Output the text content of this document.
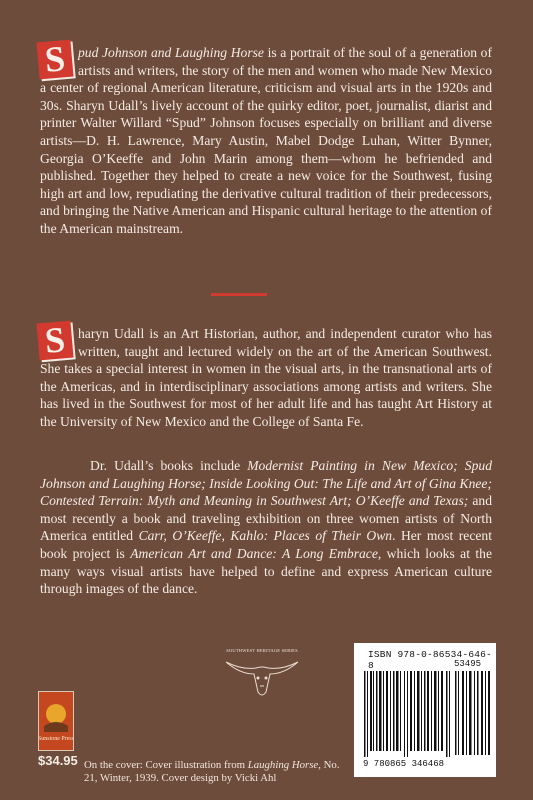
S pud Johnson and Laughing Horse is a portrait of the soul of a generation of artists and writers, the story of the men and women who made New Mexico a center of regional American literature, criticism and visual arts in the 1920s and 30s. Sharyn Udall’s lively account of the quirky editor, poet, journalist, diarist and printer Walter Willard “Spud” Johnson focuses especially on brilliant and diverse artists—D. H. Lawrence, Mary Austin, Mabel Dodge Luhan, Witter Bynner, Georgia O’Keeffe and John Marin among them—whom he befriended and published. Together they helped to create a new voice for the Southwest, fusing high art and low, repudiating the derivative cultural tradition of their predecessors, and bringing the Native American and Hispanic cultural heritage to the attention of the American mainstream.
S haryn Udall is an Art Historian, author, and independent curator who has written, taught and lectured widely on the art of the American Southwest. She takes a special interest in women in the visual arts, in the transnational arts of the Americas, and in interdisciplinary associations among artists and writers. She has lived in the Southwest for most of her adult life and has taught Art History at the University of New Mexico and the College of Santa Fe.
Dr. Udall’s books include Modernist Painting in New Mexico; Spud Johnson and Laughing Horse; Inside Looking Out: The Life and Art of Gina Knee; Contested Terrain: Myth and Meaning in Southwest Art; O’Keeffe and Texas; and most recently a book and traveling exhibition on three women artists of North America entitled Carr, O’Keeffe, Kahlo: Places of Their Own. Her most recent book project is American Art and Dance: A Long Embrace, which looks at the many ways visual artists have helped to define and express American culture through images of the dance.
SOUTHWEST HERITAGE SERIES	ISBN 978-0-86534-646-8	53495
9 780865 346468
Sunstone Press
$34.95 On the cover: Cover illustration from Laughing Horse, No. 21, Winter, 1939. Cover design by Vicki Ahl
